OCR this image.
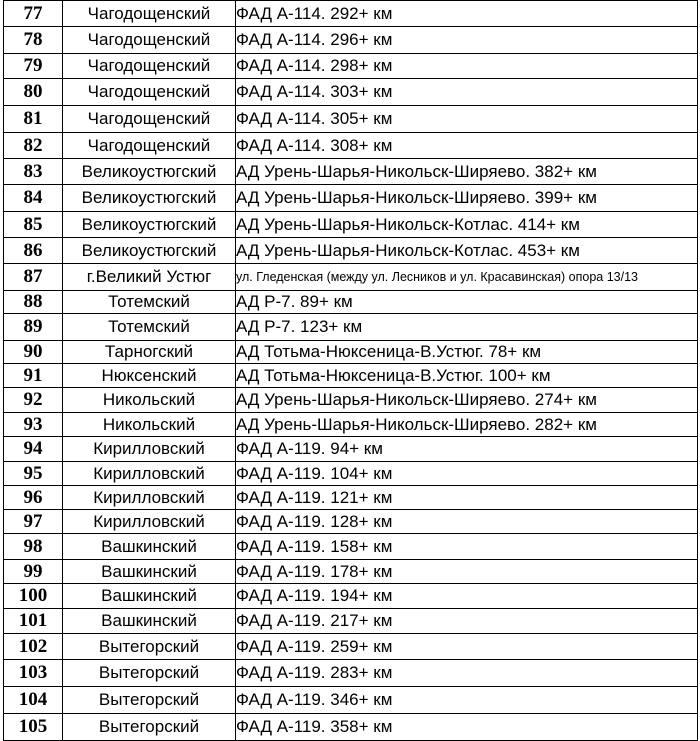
77	Чагодощенский	ФАД А-114. 292+ км
78	Чагодощенский	ФАД А-114. 296+ км
79	Чагодощенский	ФАД А-114. 298+ км
80	Чагодощенский	ФАД А-114. 303+ км
81	Чагодощенский	ФАД А-114. 305+ км
82	Чагодощенский	ФАД А-114. 308+ км
83	Великоустюгский	АД Урень-Шарья-Никольск-Ширяево. 382+ км
84	Великоустюгский	АД Урень-Шарья-Никольск-Ширяево. 399+ км
85	Великоустюгский	АД Урень-Шарья-Никольск-Котлас. 414+ км
86	Великоустюгский	АД Урень-Шарья-Никольск-Котлас. 453+ км
87	г.Великий Устюг	ул. Гледенская (между ул. Лесников и ул. Красавинская) опора 13/13
88	Тотемский	АД Р-7. 89+ км
89	Тотемский	АД Р-7. 123+ км
90	Тарногский	АД Тотьма-Нюксеница-В.Устюг. 78+ км
91	Нюксенский	АД Тотьма-Нюксеница-В.Устюг. 100+ км
92	Никольский	АД Урень-Шарья-Никольск-Ширяево. 274+ км
93	Никольский	АД Урень-Шарья-Никольск-Ширяево. 282+ км
94	Кирилловский	ФАД А-119. 94+ км
95	Кирилловский	ФАД А-119. 104+ км
96	Кирилловский	ФАД А-119. 121+ км
97	Кирилловский	ФАД А-119. 128+ км
98	Вашкинский	ФАД А-119. 158+ км
99	Вашкинский	ФАД А-119. 178+ км
100	Вашкинский	ФАД А-119. 194+ км
101	Вашкинский	ФАД А-119. 217+ км
102	Вытегорский	ФАД А-119. 259+ км
103	Вытегорский	ФАД А-119. 283+ км
104	Вытегорский	ФАД А-119. 346+ км
105	Вытегорский	ФАД А-119. 358+ км
